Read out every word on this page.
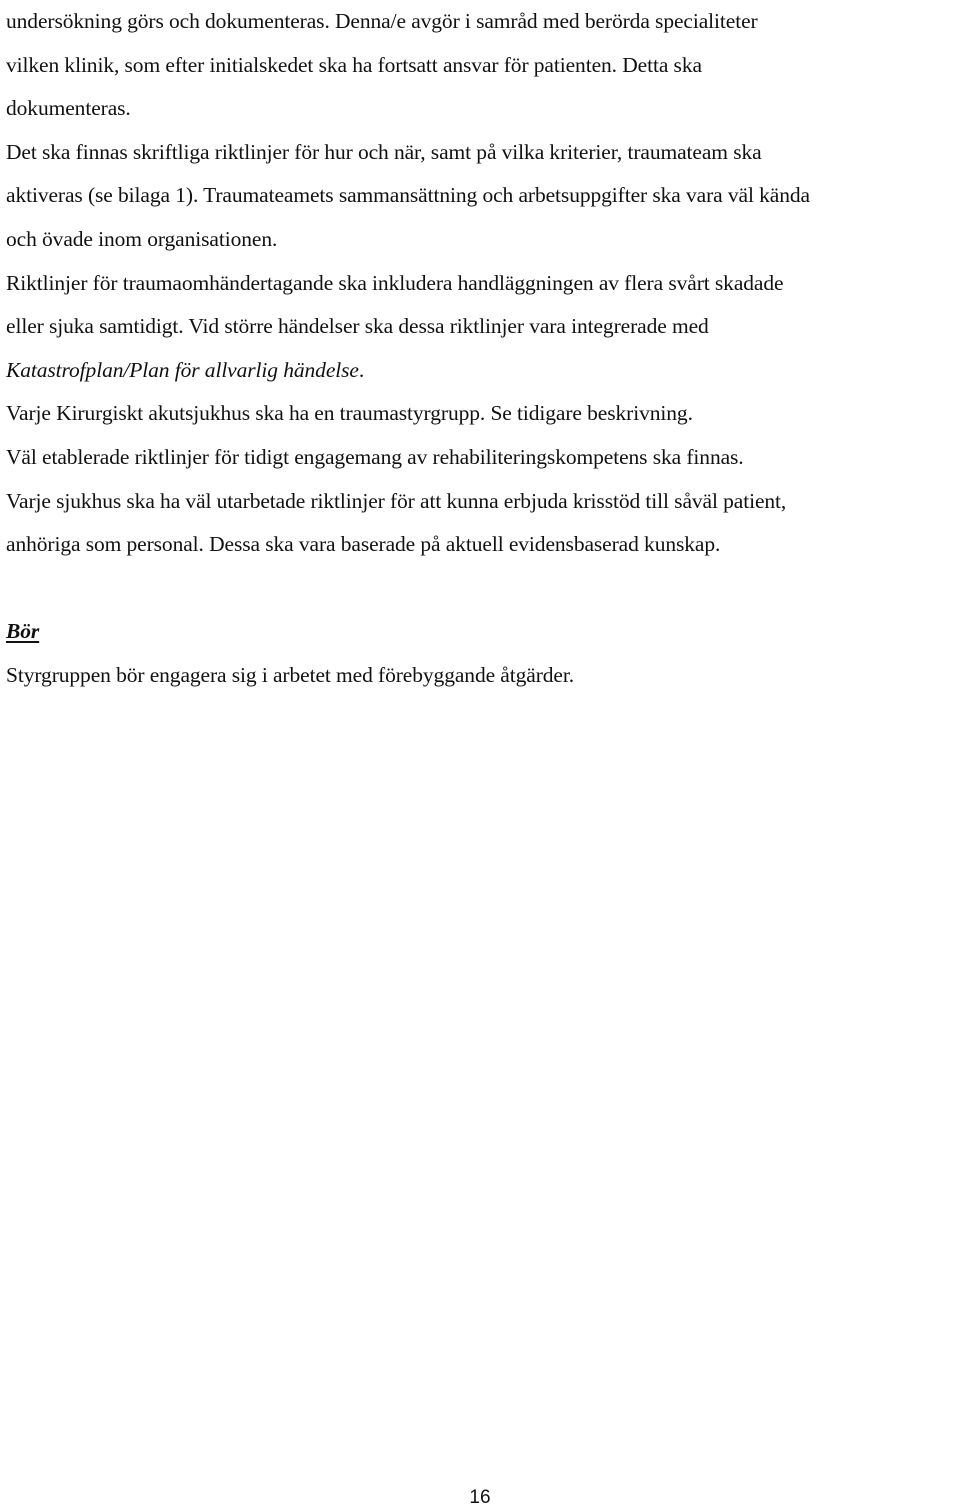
undersökning görs och dokumenteras. Denna/e avgör i samråd med berörda specialiteter

vilken klinik, som efter initialskedet ska ha fortsatt ansvar för patienten. Detta ska

dokumenteras.

Det ska finnas skriftliga riktlinjer för hur och när, samt på vilka kriterier, traumateam ska

aktiveras (se bilaga 1). Traumateamets sammansättning och arbetsuppgifter ska vara väl kända

och övade inom organisationen.

Riktlinjer för traumaomhändertagande ska inkludera handläggningen av flera svårt skadade

eller sjuka samtidigt. Vid större händelser ska dessa riktlinjer vara integrerade med

Katastrofplan/Plan för allvarlig händelse.

Varje Kirurgiskt akutsjukhus ska ha en traumastyrgrupp. Se tidigare beskrivning.

Väl etablerade riktlinjer för tidigt engagemang av rehabiliteringskompetens ska finnas.

Varje sjukhus ska ha väl utarbetade riktlinjer för att kunna erbjuda krisstöd till såväl patient,

anhöriga som personal. Dessa ska vara baserade på aktuell evidensbaserad kunskap.

Bör

Styrgruppen bör engagera sig i arbetet med förebyggande åtgärder.

16
